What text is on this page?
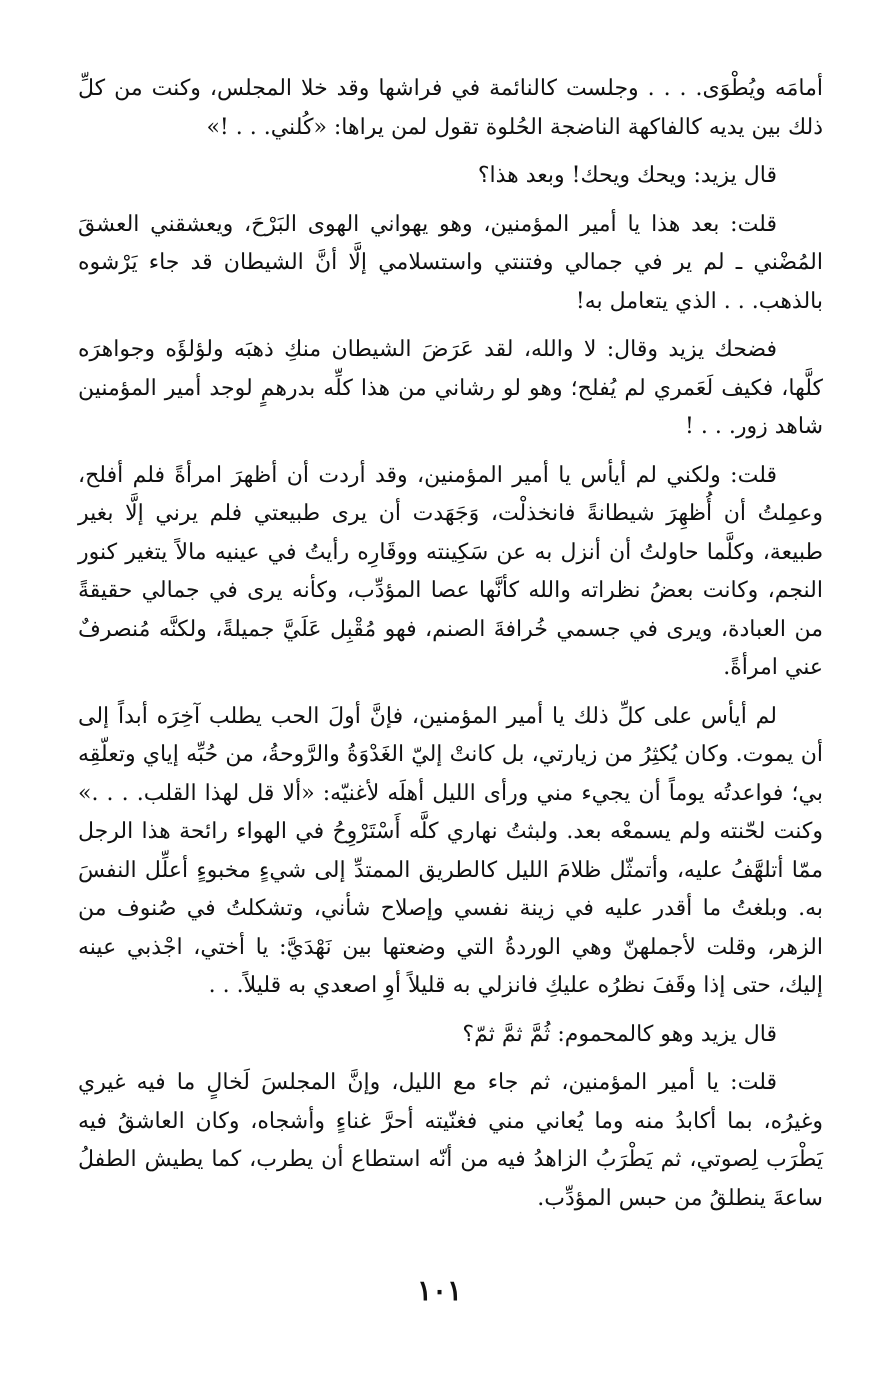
أمامَه ويُطْوَى. . . . وجلست كالنائمة في فراشها وقد خلا المجلس، وكنت من كلِّ ذلك بين يديه كالفاكهة الناضجة الحُلوة تقول لمن يراها: «كُلني. . . !»

قال يزيد: ويحك ويحك! وبعد هذا؟

قلت: بعد هذا يا أمير المؤمنين، وهو يهواني الهوى البَرْحَ، ويعشقني العشقَ المُضْني ـ لم ير في جمالي وفتنتي واستسلامي إلَّا أنَّ الشيطان قد جاء يَرْشوه بالذهب. . . الذي يتعامل به!

فضحك يزيد وقال: لا والله، لقد عَرَضَ الشيطان منكِ ذهبَه ولؤلؤَه وجواهرَه كلَّها، فكيف لَعَمري لم يُفلح؛ وهو لو رشاني من هذا كلِّه بدرهمٍ لوجد أمير المؤمنين شاهد زور. . . !

قلت: ولكني لم أيأس يا أمير المؤمنين، وقد أردت أن أظهرَ امرأةً فلم أفلح، وعمِلتُ أن أُظهِرَ شيطانةً فانخذلْت، وَجَهَدت أن يرى طبيعتي فلم يرني إلَّا بغير طبيعة، وكلَّما حاولتُ أن أنزل به عن سَكِينته ووقَارِه رأيتُ في عينيه مالاً يتغير كنور النجم، وكانت بعضُ نظراته والله كأنَّها عصا المؤدِّب، وكأنه يرى في جمالي حقيقةً من العبادة، ويرى في جسمي خُرافةَ الصنم، فهو مُقْبِل عَلَيَّ جميلةً، ولكنَّه مُنصرفٌ عني امرأةً.

لم أيأس على كلِّ ذلك يا أمير المؤمنين، فإنَّ أولَ الحب يطلب آخِرَه أبداً إلى أن يموت. وكان يُكثِرُ من زيارتي، بل كانتْ إليّ الغَدْوَةُ والرَّوحةُ، من حُبِّه إياي وتعلّقِه بي؛ فواعدتُه يوماً أن يجيء مني ورأى الليل أهلَه لأغنيّه: «ألا قل لهذا القلب. . . .» وكنت لحّنته ولم يسمعْه بعد. ولبثتُ نهاري كلَّه أَسْتَرْوِحُ في الهواء رائحة هذا الرجل ممّا أتلهَّفُ عليه، وأتمثّل ظلامَ الليل كالطريق الممتدِّ إلى شيءٍ مخبوءٍ أعلِّل النفسَ به. وبلغتُ ما أقدر عليه في زينة نفسي وإصلاح شأني، وتشكلتُ في صُنوف من الزهر، وقلت لأجملهنّ وهي الوردةُ التي وضعتها بين نَهْدَيَّ: يا أختي، اجْذبي عينه إليك، حتى إذا وقَفَ نظرُه عليكِ فانزلي به قليلاً أوِ اصعدي به قليلاً. . .

قال يزيد وهو كالمحموم: ثُمَّ ثمَّ ثمّ؟

قلت: يا أمير المؤمنين، ثم جاء مع الليل، وإنَّ المجلسَ لَخالٍ ما فيه غيري وغيرُه، بما أكابدُ منه وما يُعاني مني فغنّيته أحرَّ غناءٍ وأشجاه، وكان العاشقُ فيه يَطْرَب لِصوتي، ثم يَطْرَبُ الزاهدُ فيه من أنّه استطاع أن يطرب، كما يطيش الطفلُ ساعةَ ينطلقُ من حبس المؤدِّب.

١٠١
